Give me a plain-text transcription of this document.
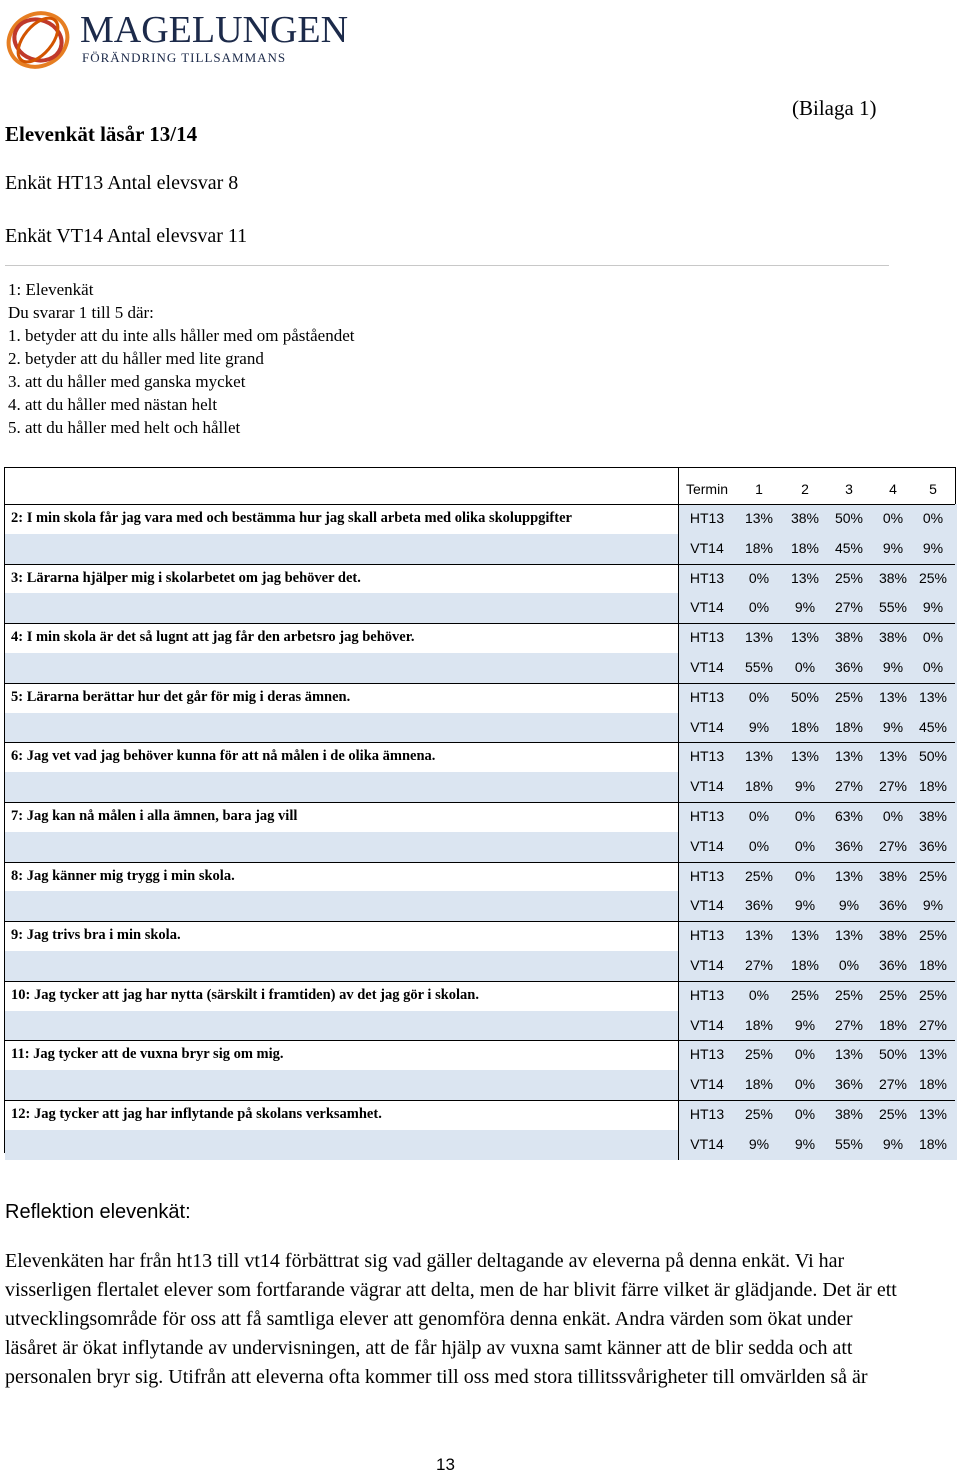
MAGELUNGEN
FÖRÄNDRING TILLSAMMANS
(Bilaga 1)
Elevenkät läsår 13/14
Enkät HT13 Antal elevsvar 8
Enkät VT14 Antal elevsvar 11
1: Elevenkät
Du svarar 1 till 5 där:
1. betyder att du inte alls håller med om påståendet
2. betyder att du håller med lite grand
3. att du håller med ganska mycket
4. att du håller med nästan helt
5. att du håller med helt och hållet
Termin	1	2	3	4	5
2: I min skola får jag vara med och bestämma hur jag skall arbeta med olika skoluppgifter	HT13	13%	38%	50%	0%	0%
VT14	18%	18%	45%	9%	9%
3: Lärarna hjälper mig i skolarbetet om jag behöver det.	HT13	0%	13%	25%	38% 25%
VT14	0%	9%	27%	55%	9%
4: I min skola är det så lugnt att jag får den arbetsro jag behöver.	HT13	13%	13%	38%	38%	0%
VT14	55%	0%	36%	9%	0%
5: Lärarna berättar hur det går för mig i deras ämnen.	HT13	0%	50%	25%	13% 13%
VT14	9%	18%	18%	9%	45%
6: Jag vet vad jag behöver kunna för att nå målen i de olika ämnena.	HT13	13%	13%	13%	13% 50%
VT14	18%	9%	27%	27% 18%
7: Jag kan nå målen i alla ämnen, bara jag vill	HT13	0%	0%	63%	0%	38%
VT14	0%	0%	36%	27% 36%
8: Jag känner mig trygg i min skola.	HT13	25%	0%	13%	38% 25%
VT14	36%	9%	9%	36%	9%
9: Jag trivs bra i min skola.	HT13	13%	13%	13%	38% 25%
VT14	27%	18%	0%	36% 18%
10: Jag tycker att jag har nytta (särskilt i framtiden) av det jag gör i skolan.	HT13	0%	25%	25%	25% 25%
VT14	18%	9%	27%	18% 27%
11: Jag tycker att de vuxna bryr sig om mig.	HT13	25%	0%	13%	50% 13%
VT14	18%	0%	36%	27% 18%
12: Jag tycker att jag har inflytande på skolans verksamhet.	HT13	25%	0%	38%	25% 13%
VT14	9%	9%	55%	9%	18%
Reflektion elevenkät:
Elevenkäten har från ht13 till vt14 förbättrat sig vad gäller deltagande av eleverna på denna enkät. Vi har visserligen flertalet elever som fortfarande vägrar att delta, men de har blivit färre vilket är glädjande. Det är ett utvecklingsområde för oss att få samtliga elever att genomföra denna enkät. Andra värden som ökat under läsåret är ökat inflytande av undervisningen, att de får hjälp av vuxna samt känner att de blir sedda och att personalen bryr sig. Utifrån att eleverna ofta kommer till oss med stora tillitssvårigheter till omvärlden så är
13
